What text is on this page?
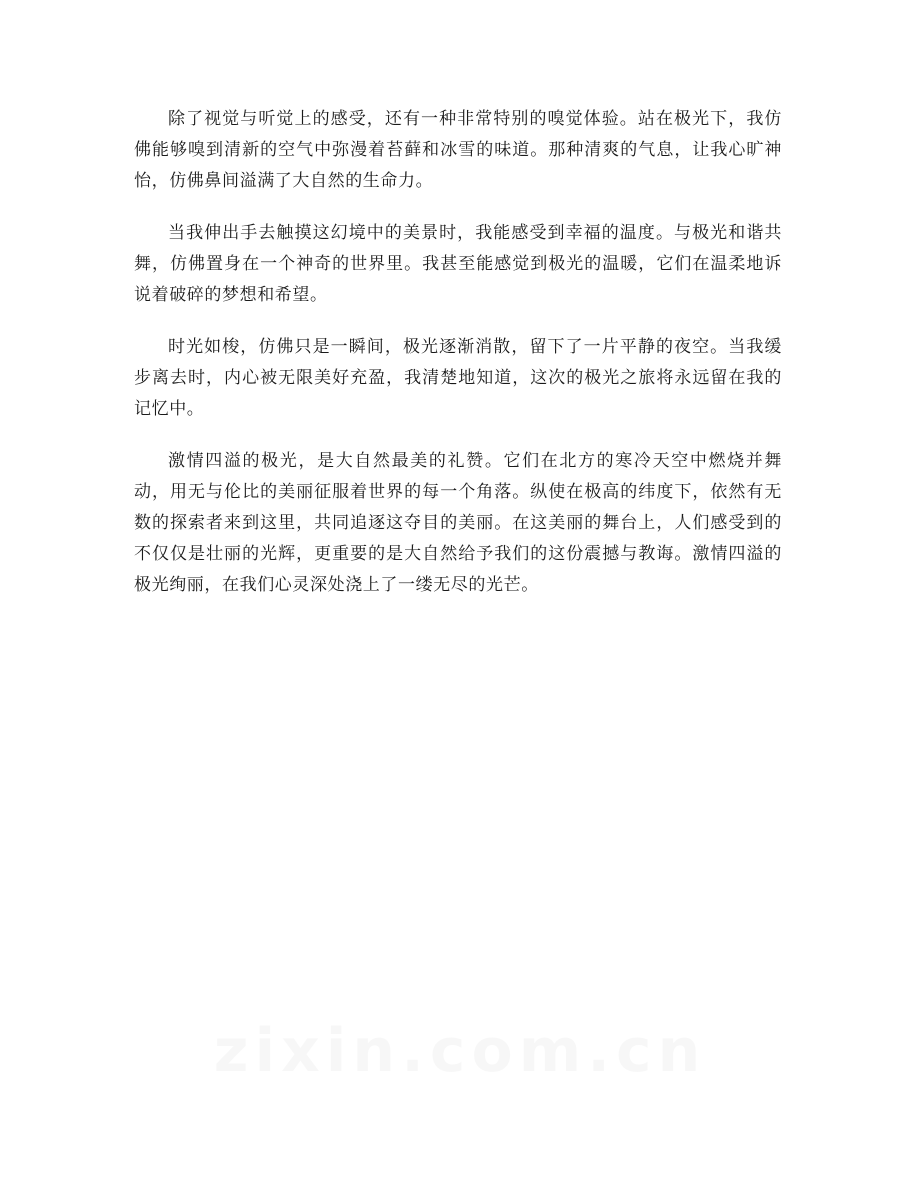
除了视觉与听觉上的感受，还有一种非常特别的嗅觉体验。站在极光下，我仿佛能够嗅到清新的空气中弥漫着苔藓和冰雪的味道。那种清爽的气息，让我心旷神怡，仿佛鼻间溢满了大自然的生命力。

当我伸出手去触摸这幻境中的美景时，我能感受到幸福的温度。与极光和谐共舞，仿佛置身在一个神奇的世界里。我甚至能感觉到极光的温暖，它们在温柔地诉说着破碎的梦想和希望。

时光如梭，仿佛只是一瞬间，极光逐渐消散，留下了一片平静的夜空。当我缓步离去时，内心被无限美好充盈，我清楚地知道，这次的极光之旅将永远留在我的记忆中。

激情四溢的极光，是大自然最美的礼赞。它们在北方的寒冷天空中燃烧并舞动，用无与伦比的美丽征服着世界的每一个角落。纵使在极高的纬度下，依然有无数的探索者来到这里，共同追逐这夺目的美丽。在这美丽的舞台上，人们感受到的不仅仅是壮丽的光辉，更重要的是大自然给予我们的这份震撼与教诲。激情四溢的极光绚丽，在我们心灵深处浇上了一缕无尽的光芒。
